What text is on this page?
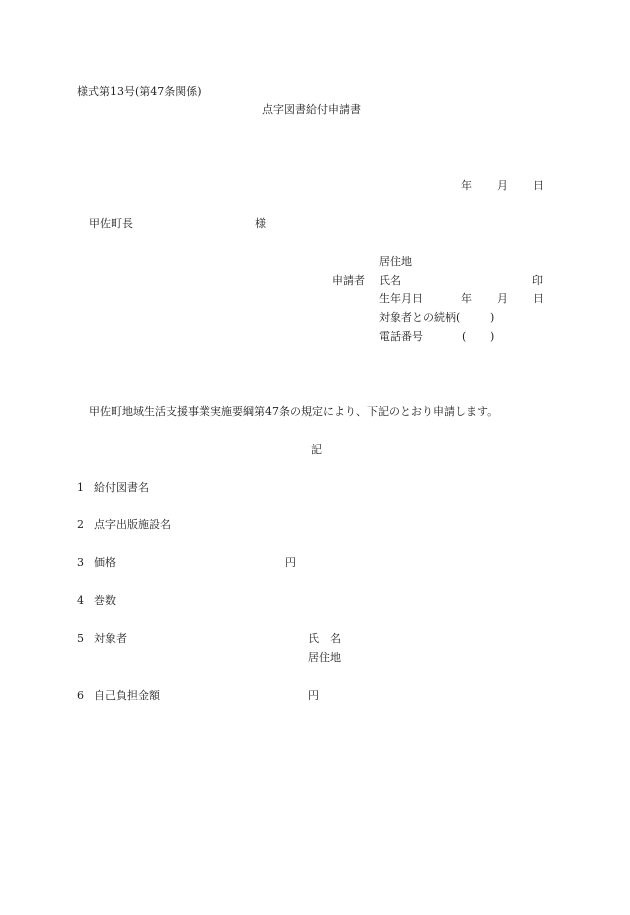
様式第13号(第47条関係)
点字図書給付申請書
年 月 日
甲佐町長	様
居住地
申請者 氏名	印
生年月日	年 月 日
対象者との続柄(	)
電話番号	( )
甲佐町地域生活支援事業実施要綱第47条の規定により、下記のとおり申請します。
記
1 給付図書名
2 点字出版施設名
3 価格	円
4 巻数
5 対象者	氏　名
居住地
6 自己負担金額	円
